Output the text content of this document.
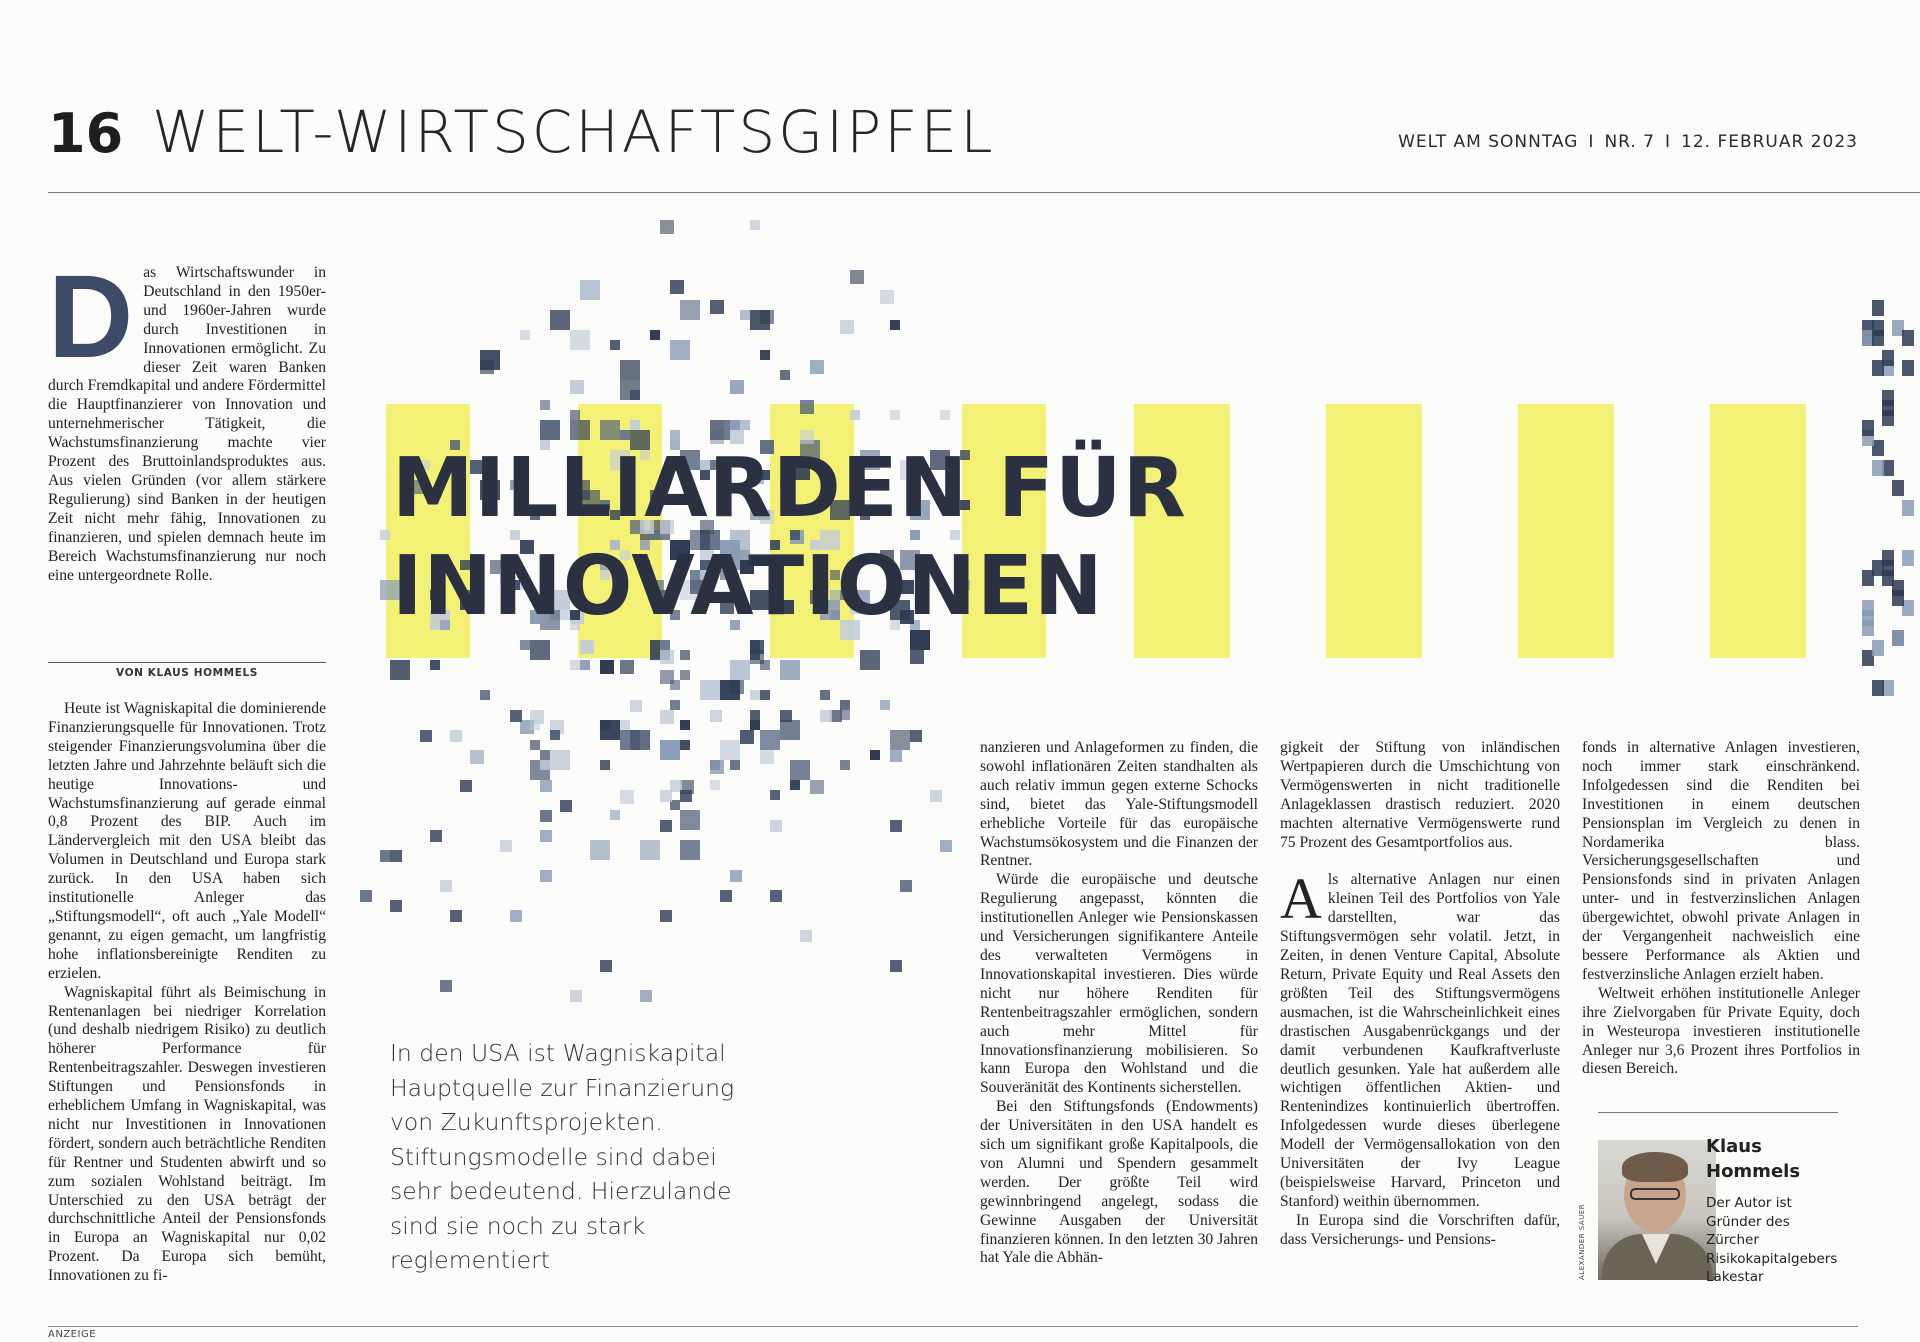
16 WELT-WIRTSCHAFTSGIPFEL	WELT AM SONNTAG I NR. 7 I 12. FEBRUAR 2023
D as Wirtschaftswunder in Deutschland in den 1950er- und 1960er-Jahren wurde durch Investitionen in Innovationen ermöglicht. Zu dieser Zeit waren Banken durch Fremdkapital und andere Fördermittel die Hauptfinanzierer von Innovation und unternehmerischer Tätigkeit, die Wachstumsfinanzierung machte vier Prozent des Bruttoinlandsproduktes aus. Aus vielen Gründen (vor allem stärkere Regulierung) sind Banken in der heutigen Zeit nicht mehr fähig, Innovationen zu finanzieren, und spielen demnach heute im Bereich Wachstumsfinanzierung nur noch eine untergeordnete Rolle.

VON KLAUS HOMMELS

Heute ist Wagniskapital die dominierende Finanzierungsquelle für Innovationen. Trotz steigender Finanzierungsvolumina über die letzten Jahre und Jahrzehnte beläuft sich die heutige Innovations- und Wachstumsfinanzierung auf gerade einmal 0,8 Prozent des BIP. Auch im Ländervergleich mit den USA bleibt das Volumen in Deutschland und Europa stark zurück. In den USA haben sich institutionelle Anleger das „Stiftungsmodell“, oft auch „Yale Modell“ genannt, zu eigen gemacht, um langfristig hohe inflationsbereinigte Renditen zu erzielen.

Wagniskapital führt als Beimischung in Rentenanlagen bei niedriger Korrelation (und deshalb niedrigem Risiko) zu deutlich höherer Performance für Rentenbeitragszahler. Deswegen investieren Stiftungen und Pensionsfonds in erheblichem Umfang in Wagniskapital, was nicht nur Investitionen in Innovationen fördert, sondern auch beträchtliche Renditen für Rentner und Studenten abwirft und so zum sozialen Wohlstand beiträgt. Im Unterschied zu den USA beträgt der durchschnittliche Anteil der Pensionsfonds in Europa an Wagniskapital nur 0,02 Prozent. Da Europa sich bemüht, Innovationen zu fi-

MILLIARDEN FÜR
INNOVATIONEN

nanzieren und Anlageformen zu finden, die sowohl inflationären Zeiten standhalten als auch relativ immun gegen externe Schocks sind, bietet das Yale-Stiftungsmodell erhebliche Vorteile für das europäische Wachstumsökosystem und die Finanzen der Rentner.

Würde die europäische und deutsche Regulierung angepasst, könnten die institutionellen Anleger wie Pensionskassen und Versicherungen signifikantere Anteile des verwalteten Vermögens in Innovationskapital investieren. Dies würde nicht nur höhere Renditen für Rentenbeitragszahler ermöglichen, sondern auch mehr Mittel für Innovationsfinanzierung mobilisieren. So kann Europa den Wohlstand und die Souveränität des Kontinents sicherstellen.

Bei den Stiftungsfonds (Endowments) der Universitäten in den USA handelt es sich um signifikant große Kapitalpools, die von Alumni und Spendern gesammelt werden. Der größte Teil wird gewinnbringend angelegt, sodass die Gewinne Ausgaben der Universität finanzieren können. In den letzten 30 Jahren hat Yale die Abhän-

gigkeit der Stiftung von inländischen Wertpapieren durch die Umschichtung von Vermögenswerten in nicht traditionelle Anlageklassen drastisch reduziert. 2020 machten alternative Vermögenswerte rund 75 Prozent des Gesamtportfolios aus.

Als alternative Anlagen nur einen kleinen Teil des Portfolios von Yale darstellten, war das Stiftungsvermögen sehr volatil. Jetzt, in Zeiten, in denen Venture Capital, Absolute Return, Private Equity und Real Assets den größten Teil des Stiftungsvermögens ausmachen, ist die Wahrscheinlichkeit eines drastischen Ausgabenrückgangs und der damit verbundenen Kaufkraftverluste deutlich gesunken. Yale hat außerdem alle wichtigen öffentlichen Aktien- und Rentenindizes kontinuierlich übertroffen. Infolgedessen wurde dieses überlegene Modell der Vermögensallokation von den Universitäten der Ivy League (beispielsweise Harvard, Princeton und Stanford) weithin übernommen.

In Europa sind die Vorschriften dafür, dass Versicherungs- und Pensions-

fonds in alternative Anlagen investieren, noch immer stark einschränkend. Infolgedessen sind die Renditen bei Investitionen in einem deutschen Pensionsplan im Vergleich zu denen in Nordamerika blass. Versicherungsgesellschaften und Pensionsfonds sind in privaten Anlagen unter- und in festverzinslichen Anlagen übergewichtet, obwohl private Anlagen in der Vergangenheit nachweislich eine bessere Performance als Aktien und festverzinsliche Anlagen erzielt haben.

Weltweit erhöhen institutionelle Anleger ihre Zielvorgaben für Private Equity, doch in Westeuropa investieren institutionelle Anleger nur 3,6 Prozent ihres Portfolios in diesen Bereich.

In den USA ist Wagniskapital Hauptquelle zur Finanzierung von Zukunftsprojekten. Stiftungsmodelle sind dabei sehr bedeutend. Hierzulande sind sie noch zu stark reglementiert	ALEXANDER SAUER
Klaus
Hommels
Der Autor ist Gründer des Zürcher Risikokapitalgebers Lakestar
ANZEIGE
